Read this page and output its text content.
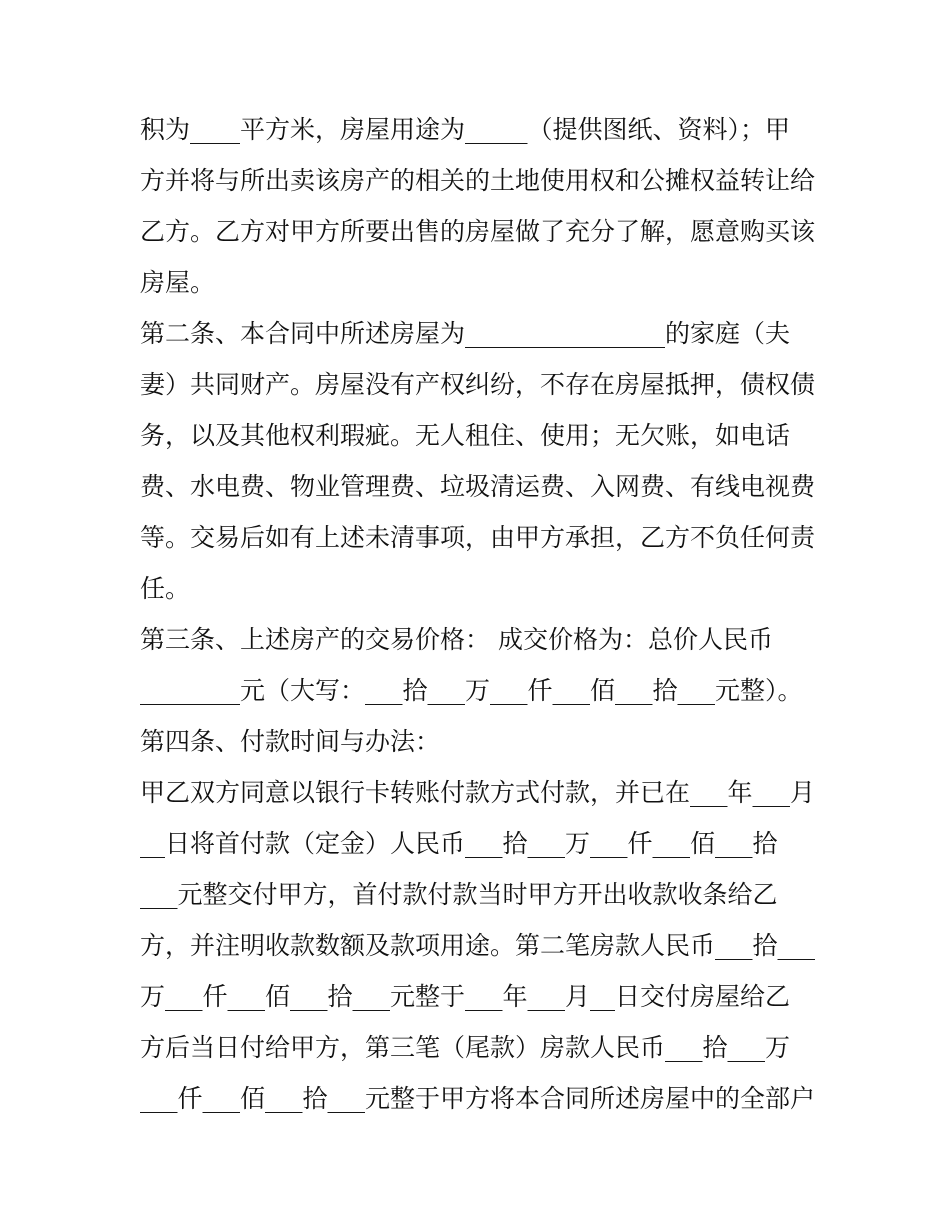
积为____平方米，房屋用途为_____（提供图纸、资料）；甲
方并将与所出卖该房产的相关的土地使用权和公摊权益转让给
乙方。乙方对甲方所要出售的房屋做了充分了解，愿意购买该
房屋。
第二条、本合同中所述房屋为________________的家庭（夫
妻）共同财产。房屋没有产权纠纷，不存在房屋抵押，债权债
务，以及其他权利瑕疵。无人租住、使用；无欠账，如电话
费、水电费、物业管理费、垃圾清运费、入网费、有线电视费
等。交易后如有上述未清事项，由甲方承担，乙方不负任何责
任。
第三条、上述房产的交易价格： 成交价格为：总价人民币
________元（大写：___拾___万___仟___佰___拾___元整）。
第四条、付款时间与办法：
甲乙双方同意以银行卡转账付款方式付款，并已在___年___月
__日将首付款（定金）人民币___拾___万___仟___佰___拾
___元整交付甲方，首付款付款当时甲方开出收款收条给乙
方，并注明收款数额及款项用途。第二笔房款人民币___拾___
万___仟___佰___拾___元整于___年___月__日交付房屋给乙
方后当日付给甲方，第三笔（尾款）房款人民币___拾___万
___仟___佰___拾___元整于甲方将本合同所述房屋中的全部户
